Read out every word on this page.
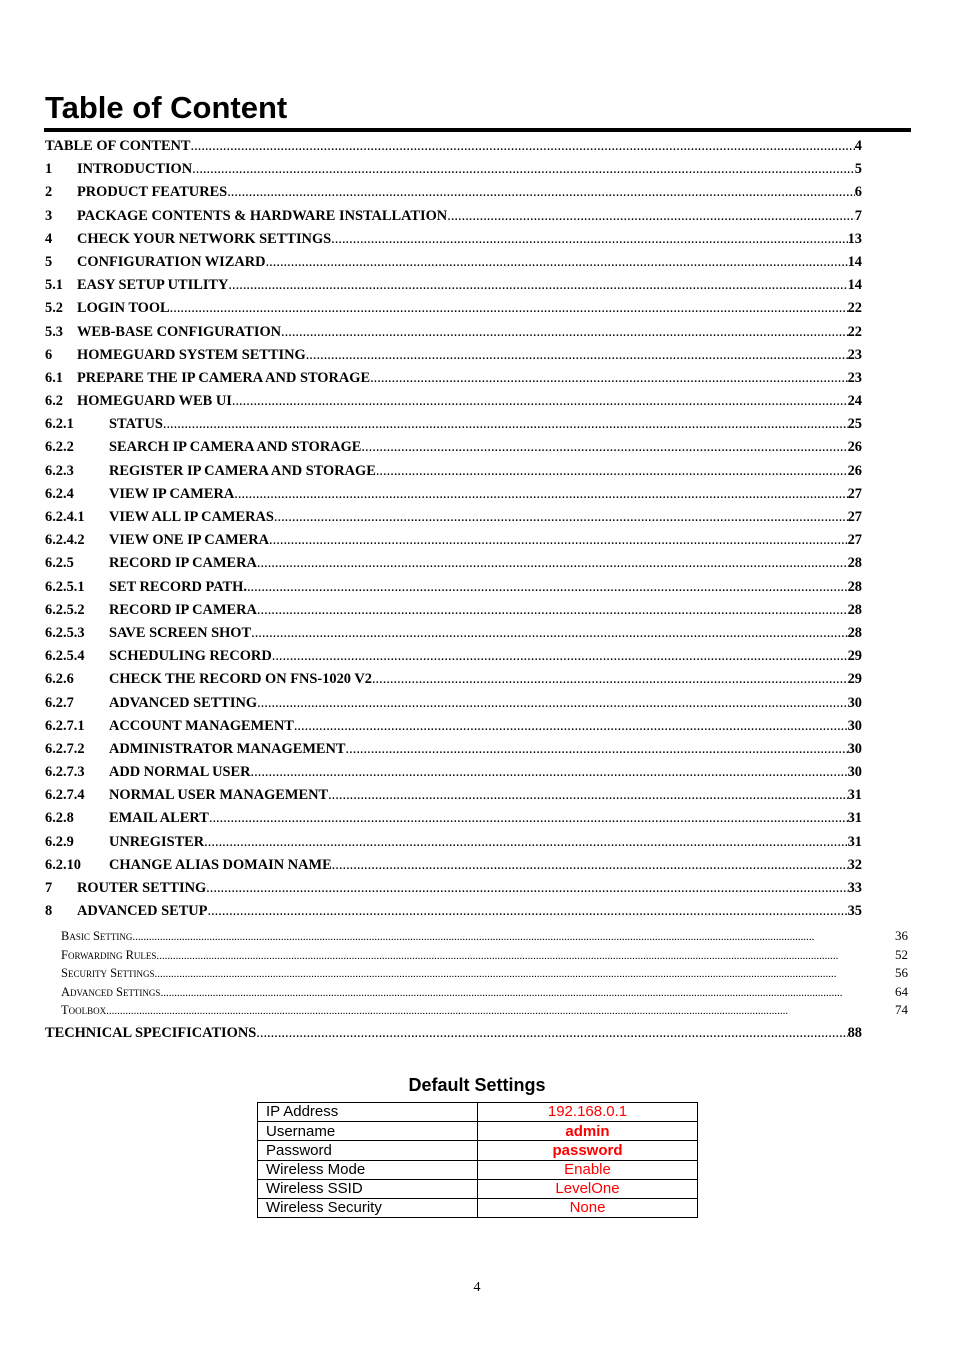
Table of Content
TABLE OF CONTENT .....	4
1	INTRODUCTION .....	5
2	PRODUCT FEATURES .....	6
3	PACKAGE CONTENTS & HARDWARE INSTALLATION .....	7
4	CHECK YOUR NETWORK SETTINGS .....	13
5	CONFIGURATION WIZARD .....	14
5.1 EASY SETUP UTILITY .....	14
5.2 LOGIN TOOL .....	22
5.3 WEB-BASE CONFIGURATION .....	22
6	HOMEGUARD SYSTEM SETTING .....	23
6.1 PREPARE THE IP CAMERA AND STORAGE .....	23
6.2 HOMEGUARD WEB UI .....	24
6.2.1	STATUS .....	25
6.2.2	SEARCH IP CAMERA AND STORAGE .....	26
6.2.3	REGISTER IP CAMERA AND STORAGE .....	26
6.2.4	VIEW IP CAMERA .....	27
6.2.4.1	VIEW ALL IP CAMERAS .....	27
6.2.4.2	VIEW ONE IP CAMERA .....	27
6.2.5	RECORD IP CAMERA .....	28
6.2.5.1	SET RECORD PATH. .....	28
6.2.5.2	RECORD IP CAMERA .....	28
6.2.5.3	SAVE SCREEN SHOT .....	28
6.2.5.4	SCHEDULING RECORD .....	29
6.2.6	CHECK THE RECORD ON FNS-1020 V2 .....	29
6.2.7	ADVANCED SETTING .....	30
6.2.7.1	ACCOUNT MANAGEMENT .....	30
6.2.7.2	ADMINISTRATOR MANAGEMENT .....	30
6.2.7.3	ADD NORMAL USER .....	30
6.2.7.4	NORMAL USER MANAGEMENT .....	31
6.2.8	EMAIL ALERT .....	31
6.2.9	UNREGISTER .....	31
6.2.10	CHANGE ALIAS DOMAIN NAME .....	32
7	ROUTER SETTING .....	33
8	ADVANCED SETUP .....	35
Basic Setting .....	36
Forwarding Rules .....	52
Security Settings .....	56
Advanced Settings .....	64
Toolbox .....	74
TECHNICAL SPECIFICATIONS .....	88
Default Settings
IP Address	192.168.0.1
Username	admin
Password	password
Wireless Mode	Enable
Wireless SSID	LevelOne
Wireless Security	None
4
